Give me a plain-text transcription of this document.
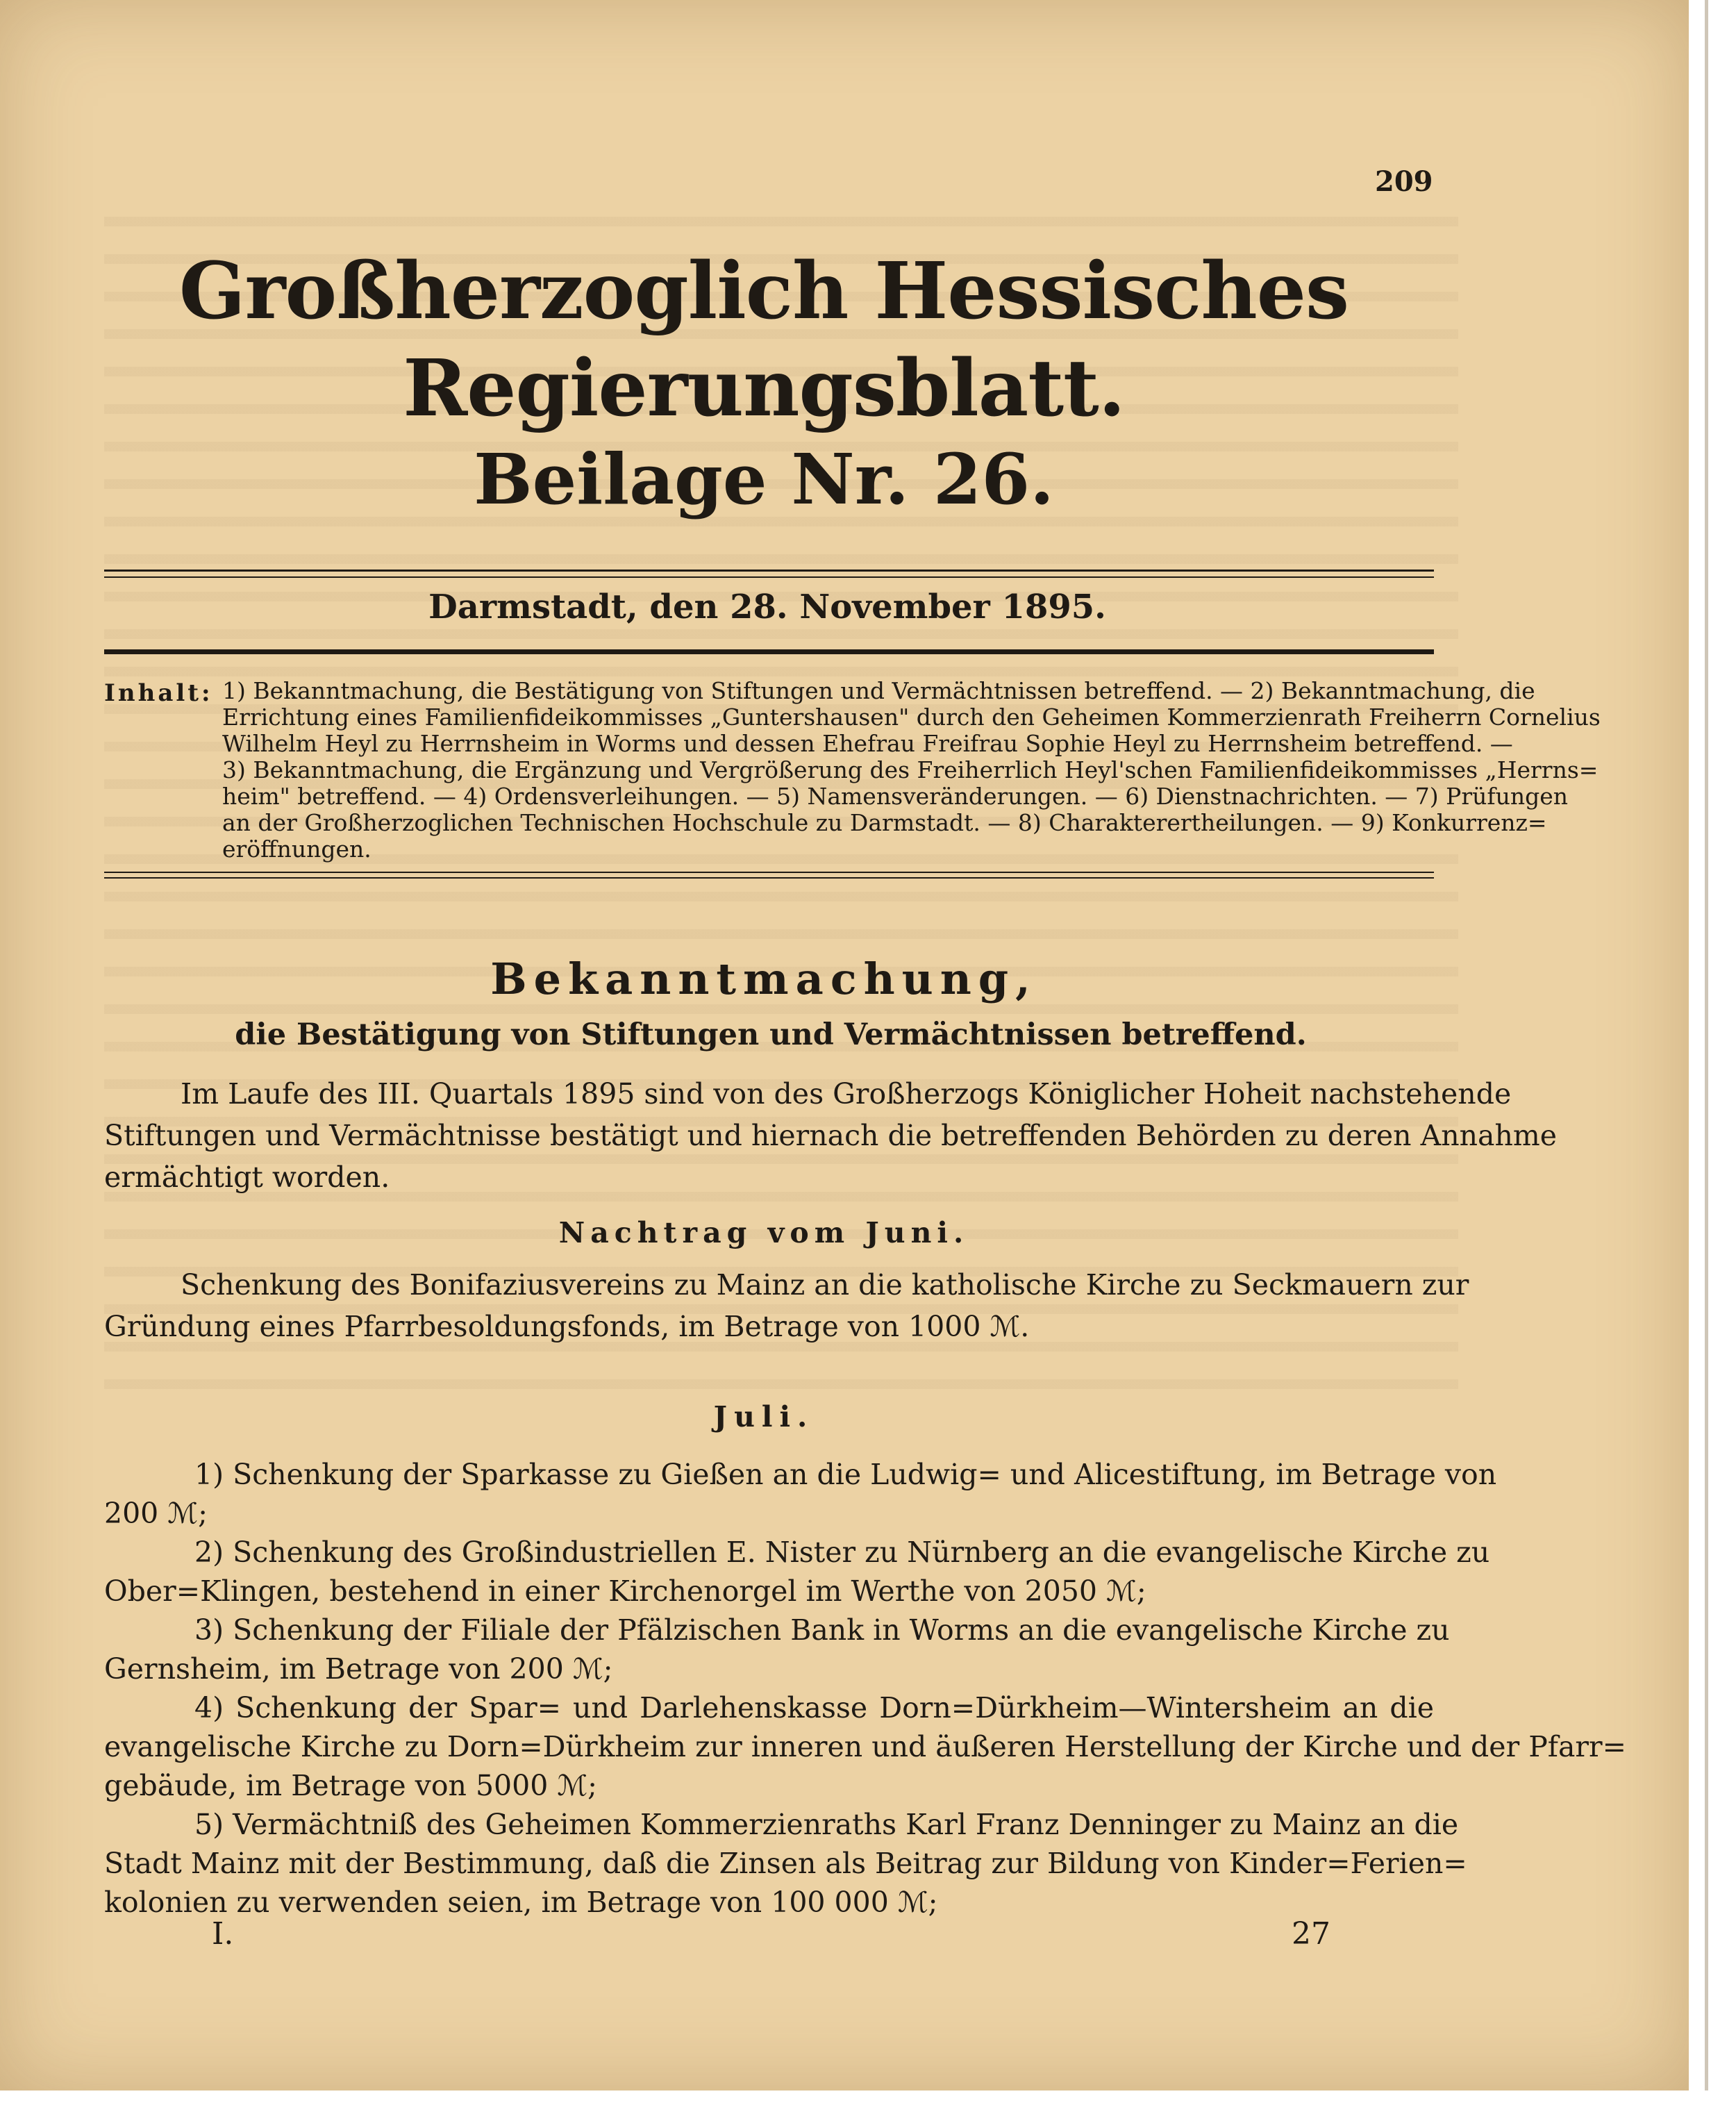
209
Großherzoglich Hessisches Regierungsblatt.
Beilage Nr. 26.
Darmstadt, den 28. November 1895.
Inhalt: 1) Bekanntmachung, die Bestätigung von Stiftungen und Vermächtnissen betreffend. — 2) Bekanntmachung, die
Errichtung eines Familienfideikommisses „Guntershausen" durch den Geheimen Kommerzienrath Freiherrn Cornelius
Wilhelm Heyl zu Herrnsheim in Worms und dessen Ehefrau Freifrau Sophie Heyl zu Herrnsheim betreffend. —
3) Bekanntmachung, die Ergänzung und Vergrößerung des Freiherrlich Heyl'schen Familienfideikommisses „Herrns=
heim" betreffend. — 4) Ordensverleihungen. — 5) Namensveränderungen. — 6) Dienstnachrichten. — 7) Prüfungen
an der Großherzoglichen Technischen Hochschule zu Darmstadt. — 8) Charakterertheilungen. — 9) Konkurrenz=
eröffnungen.
Bekanntmachung,
die Bestätigung von Stiftungen und Vermächtnissen betreffend.
Im Laufe des III. Quartals 1895 sind von des Großherzogs Königlicher Hoheit nachstehende
Stiftungen und Vermächtnisse bestätigt und hiernach die betreffenden Behörden zu deren Annahme
ermächtigt worden.
Nachtrag vom Juni.
Schenkung des Bonifaziusvereins zu Mainz an die katholische Kirche zu Seckmauern zur
Gründung eines Pfarrbesoldungsfonds, im Betrage von 1000 ℳ.
Juli.
1) Schenkung der Sparkasse zu Gießen an die Ludwig= und Alicestiftung, im Betrage von
200 ℳ;
2) Schenkung des Großindustriellen E. Nister zu Nürnberg an die evangelische Kirche zu
Ober=Klingen, bestehend in einer Kirchenorgel im Werthe von 2050 ℳ;
3) Schenkung der Filiale der Pfälzischen Bank in Worms an die evangelische Kirche zu
Gernsheim, im Betrage von 200 ℳ;
4) Schenkung der Spar= und Darlehenskasse Dorn=Dürkheim—Wintersheim an die
evangelische Kirche zu Dorn=Dürkheim zur inneren und äußeren Herstellung der Kirche und der Pfarr=
gebäude, im Betrage von 5000 ℳ;
5) Vermächtniß des Geheimen Kommerzienraths Karl Franz Denninger zu Mainz an die
Stadt Mainz mit der Bestimmung, daß die Zinsen als Beitrag zur Bildung von Kinder=Ferien=
kolonien zu verwenden seien, im Betrage von 100 000 ℳ;
I.	27
